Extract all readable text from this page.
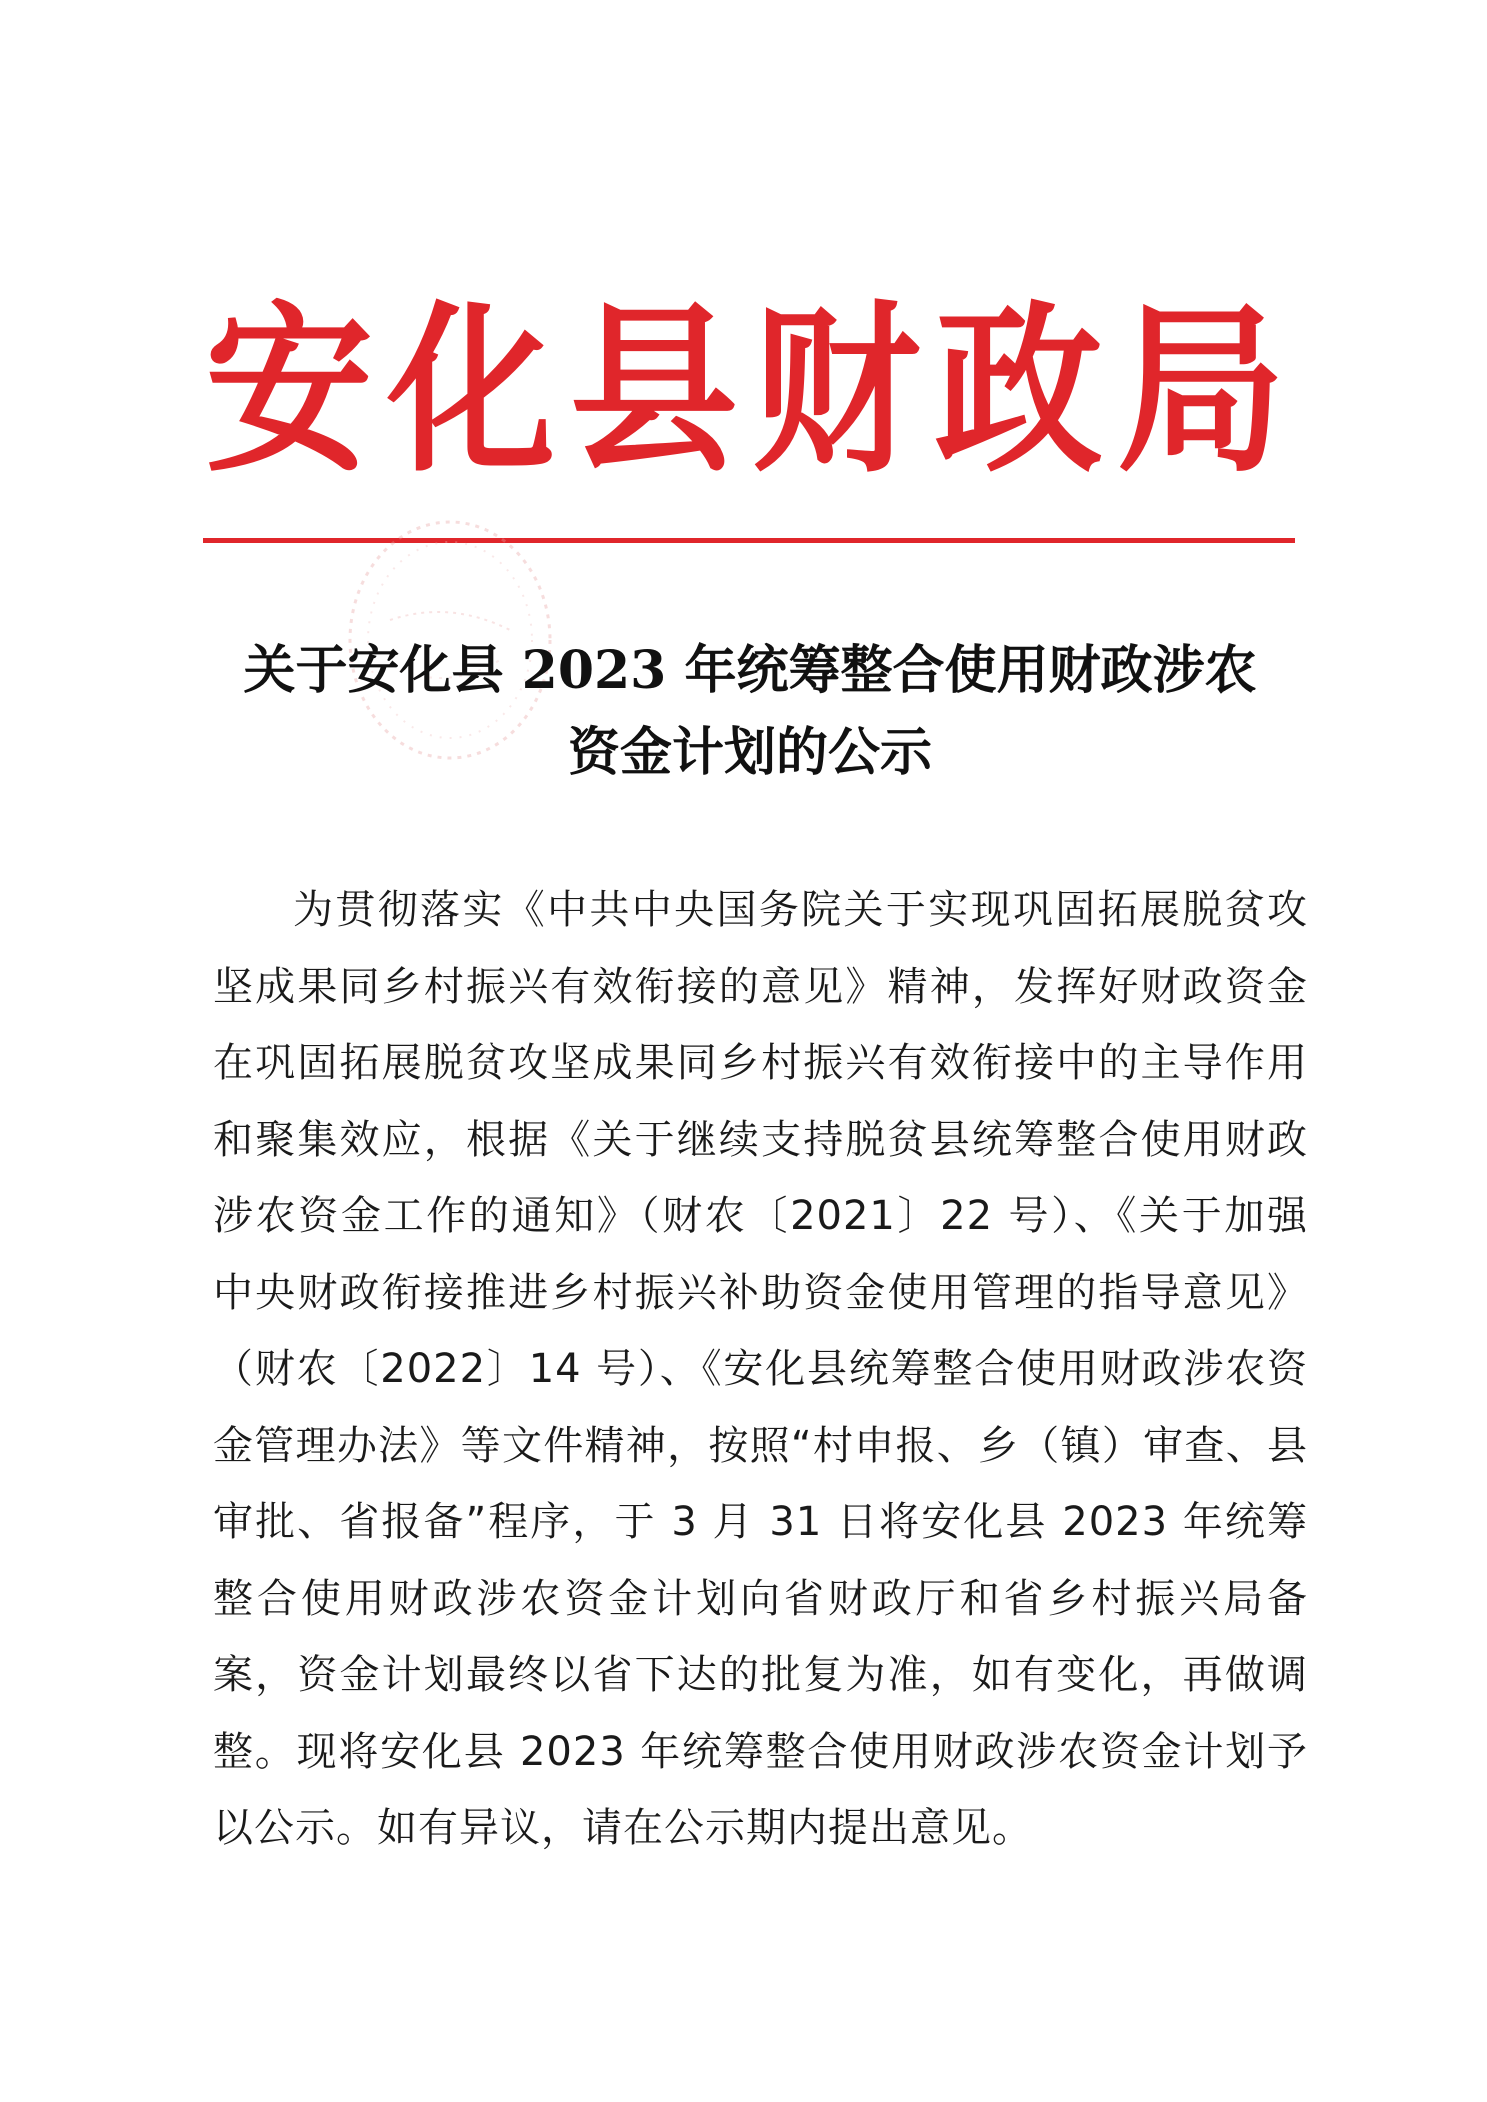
安 化 县 财 政 局
关于安化县 2023 年统筹整合使用财政涉农
资金计划的公示

为贯彻落实《中共中央国务院关于实现巩固拓展脱贫攻坚成果同乡村振兴有效衔接的意见》精神，发挥好财政资金在巩固拓展脱贫攻坚成果同乡村振兴有效衔接中的主导作用和聚集效应，根据《关于继续支持脱贫县统筹整合使用财政涉农资金工作的通知》（财农〔2021〕22 号）、《关于加强中央财政衔接推进乡村振兴补助资金使用管理的指导意见》（财农〔2022〕14 号）、《安化县统筹整合使用财政涉农资金管理办法》等文件精神，按照“村申报、乡（镇）审查、县审批、省报备”程序，于 3 月 31 日将安化县 2023 年统筹整合使用财政涉农资金计划向省财政厅和省乡村振兴局备案，资金计划最终以省下达的批复为准，如有变化，再做调整。现将安化县 2023 年统筹整合使用财政涉农资金计划予以公示。如有异议，请在公示期内提出意见。
